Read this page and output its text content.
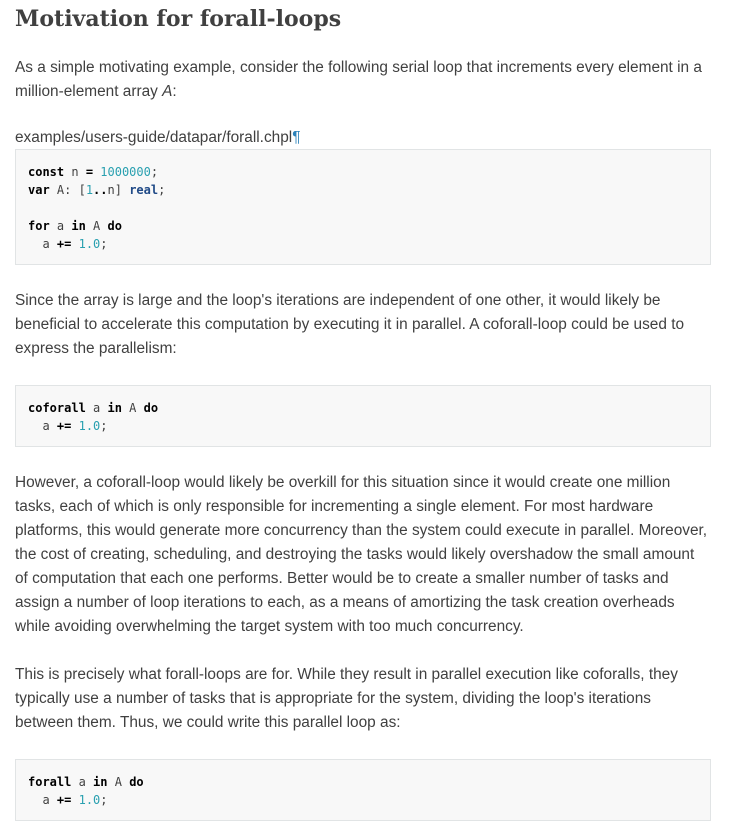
Motivation for forall-loops

As a simple motivating example, consider the following serial loop that increments every element in a million-element array A:

examples/users-guide/datapar/forall.chpl¶
const n = 1000000;
var A: [1..n] real;

for a in A do
a += 1.0;

Since the array is large and the loop's iterations are independent of one other, it would likely be beneficial to accelerate this computation by executing it in parallel. A coforall-loop could be used to express the parallelism:

coforall a in A do
a += 1.0;

However, a coforall-loop would likely be overkill for this situation since it would create one million tasks, each of which is only responsible for incrementing a single element. For most hardware platforms, this would generate more concurrency than the system could execute in parallel. Moreover, the cost of creating, scheduling, and destroying the tasks would likely overshadow the small amount of computation that each one performs. Better would be to create a smaller number of tasks and assign a number of loop iterations to each, as a means of amortizing the task creation overheads while avoiding overwhelming the target system with too much concurrency.

This is precisely what forall-loops are for. While they result in parallel execution like coforalls, they typically use a number of tasks that is appropriate for the system, dividing the loop's iterations between them. Thus, we could write this parallel loop as:

forall a in A do
a += 1.0;
